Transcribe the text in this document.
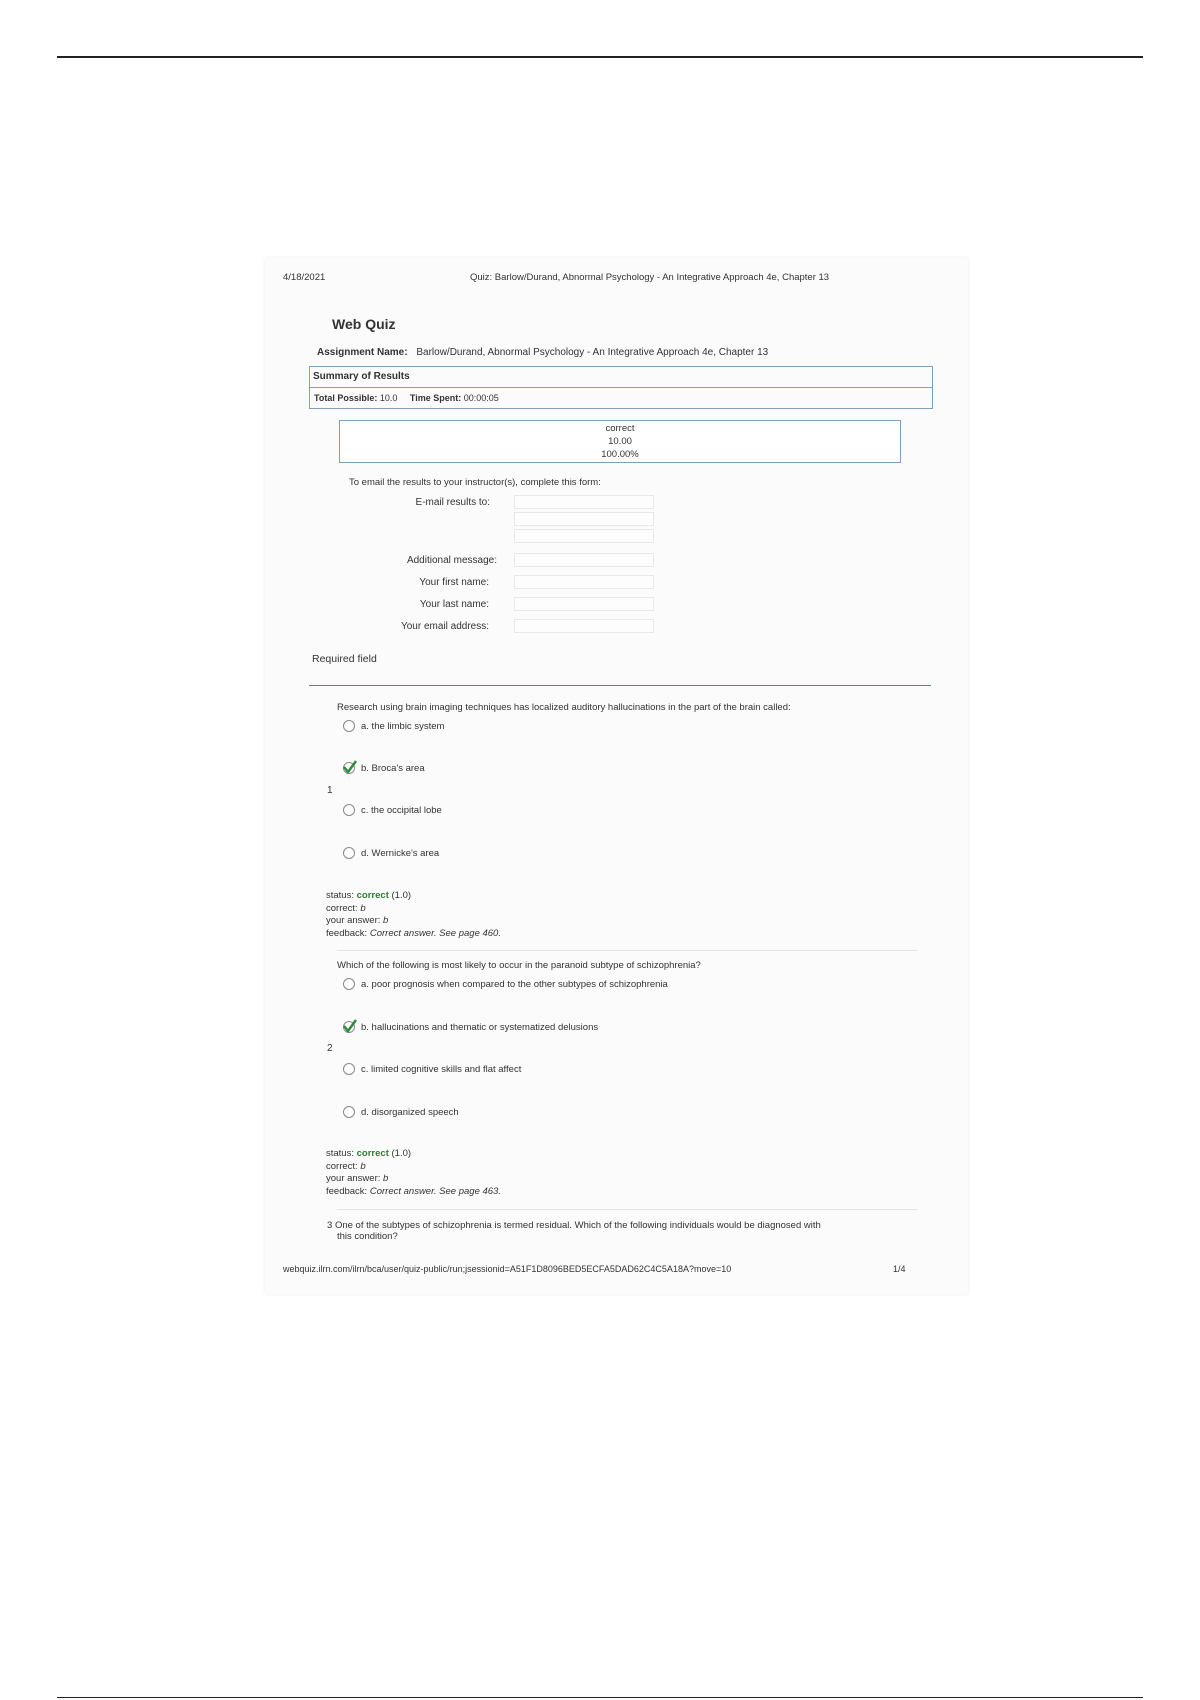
4/18/2021	Quiz: Barlow/Durand, Abnormal Psychology - An Integrative Approach 4e, Chapter 13
Web Quiz
Assignment Name: Barlow/Durand, Abnormal Psychology - An Integrative Approach 4e, Chapter 13
Summary of Results
Total Possible: 10.0 Time Spent: 00:00:05
correct
10.00
100.00%
To email the results to your instructor(s), complete this form:
E-mail results to:
Additional message:
Your first name:
Your last name:
Your email address:
Required field
Research using brain imaging techniques has localized auditory hallucinations in the part of the brain called:
a. the limbic system
b. Broca's area
1
c. the occipital lobe
d. Wernicke's area
status: correct (1.0)
correct: b
your answer: b
feedback: Correct answer. See page 460.
Which of the following is most likely to occur in the paranoid subtype of schizophrenia?
a. poor prognosis when compared to the other subtypes of schizophrenia
b. hallucinations and thematic or systematized delusions
2
c. limited cognitive skills and flat affect
d. disorganized speech
status: correct (1.0)
correct: b
your answer: b
feedback: Correct answer. See page 463.
3 One of the subtypes of schizophrenia is termed residual. Which of the following individuals would be diagnosed with
this condition?
webquiz.ilrn.com/ilrn/bca/user/quiz-public/run;jsessionid=A51F1D8096BED5ECFA5DAD62C4C5A18A?move=10	1/4
